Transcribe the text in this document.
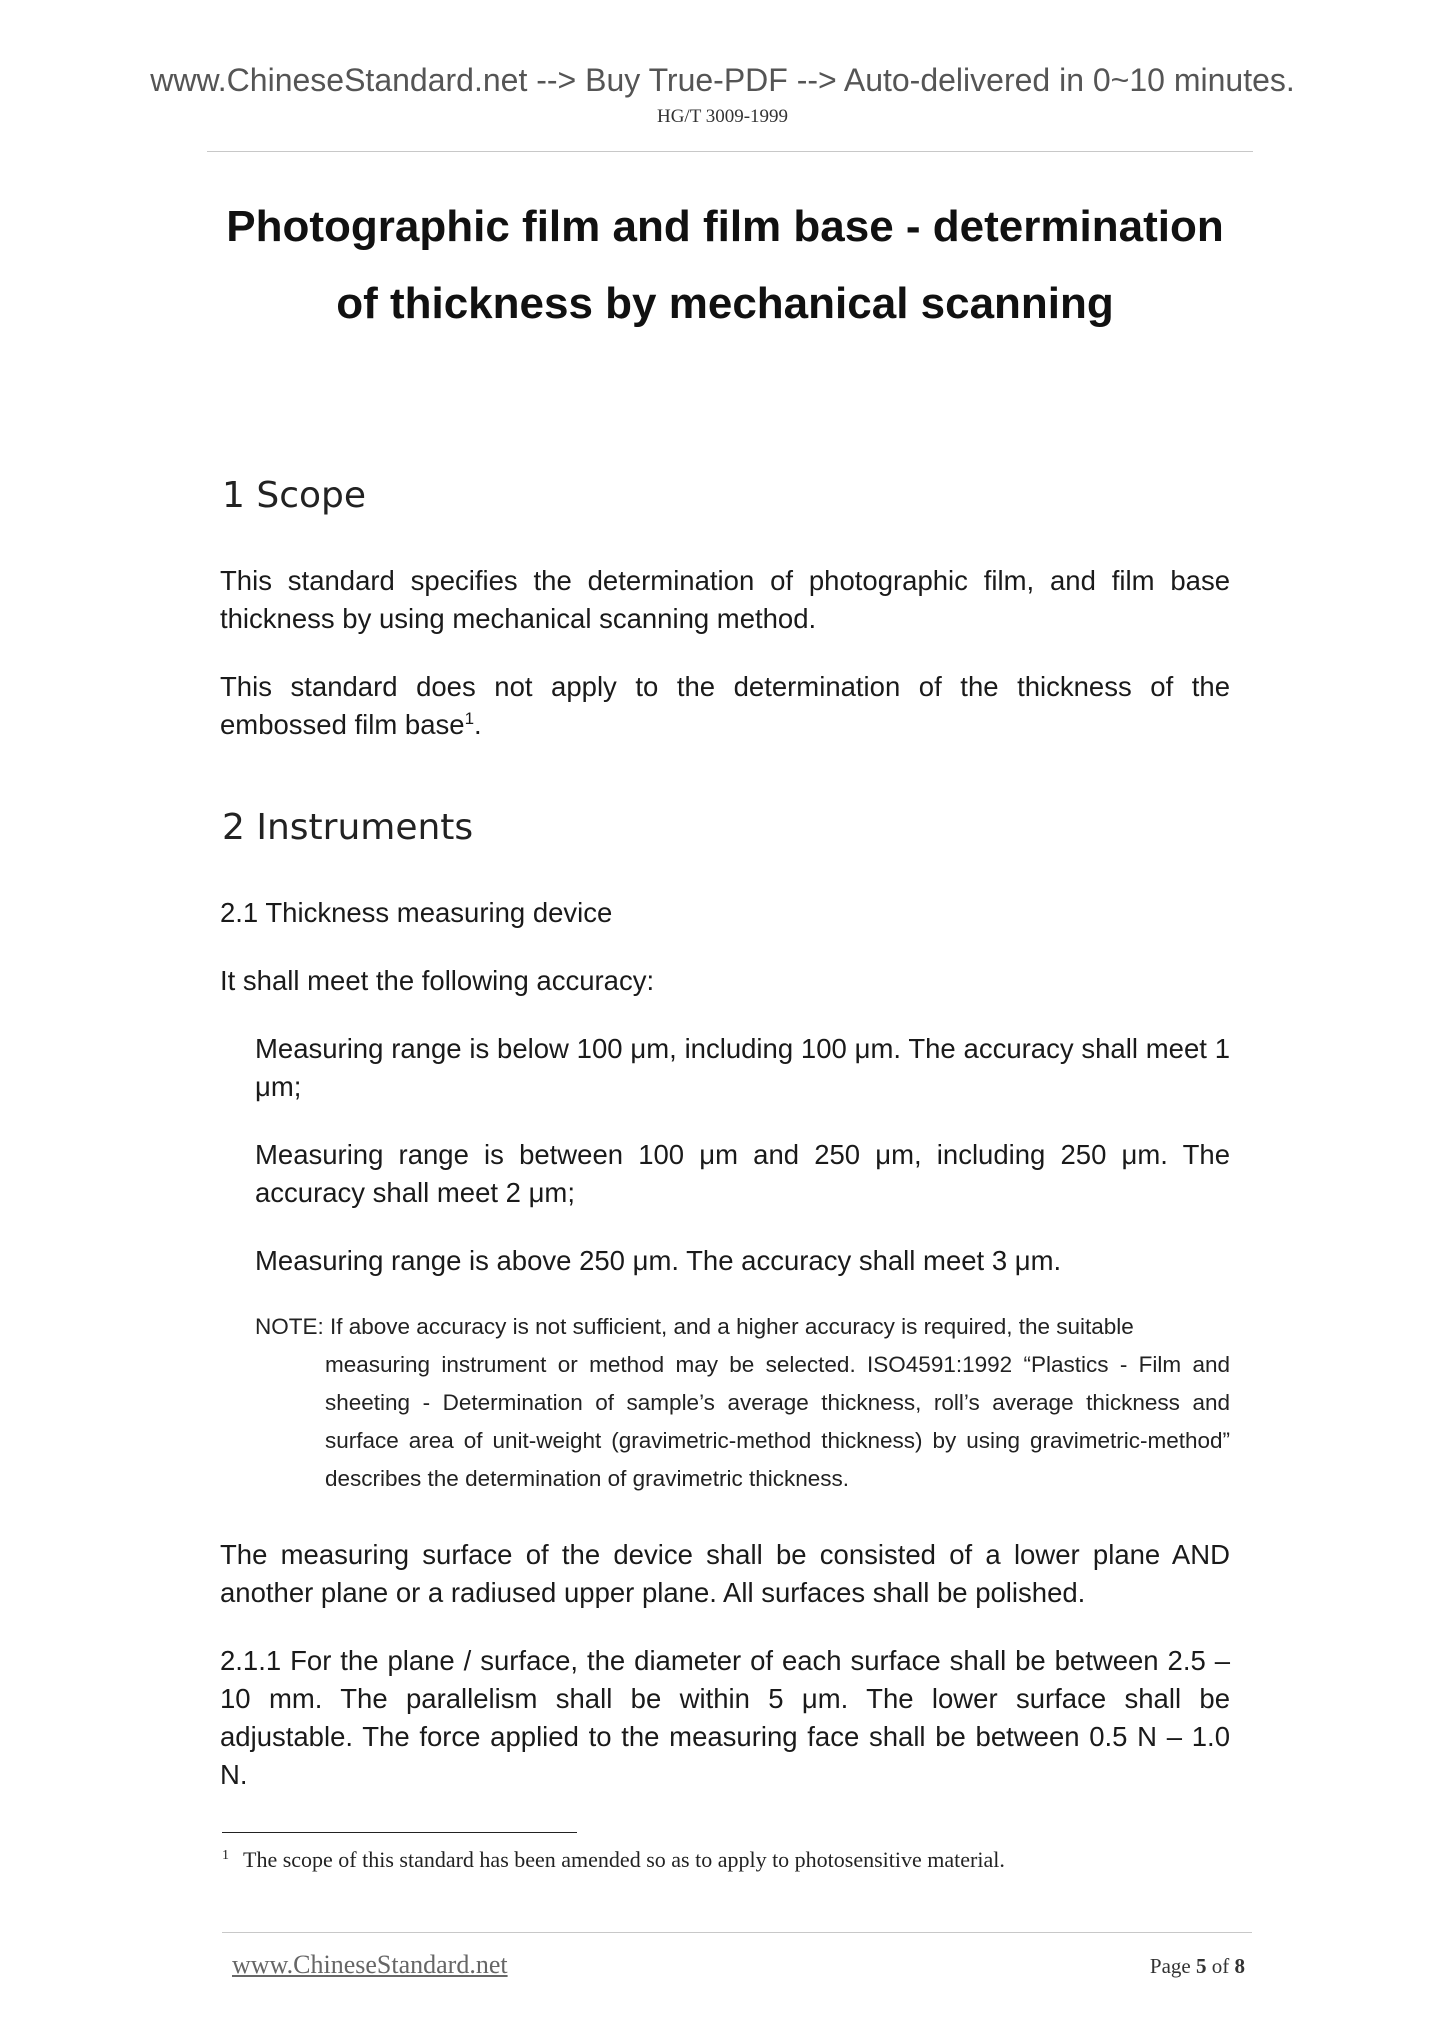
www.ChineseStandard.net --> Buy True-PDF --> Auto-delivered in 0~10 minutes.
HG/T 3009-1999
Photographic film and film base - determination
of thickness by mechanical scanning
1 Scope
This standard specifies the determination of photographic film, and film base thickness by using mechanical scanning method.
This standard does not apply to the determination of the thickness of the embossed film base$^1$.
2 Instruments
2.1 Thickness measuring device
It shall meet the following accuracy:
Measuring range is below 100 μm, including 100 μm. The accuracy shall meet 1 μm;
Measuring range is between 100 μm and 250 μm, including 250 μm. The accuracy shall meet 2 μm;
Measuring range is above 250 μm. The accuracy shall meet 3 μm.
NOTE: If above accuracy is not sufficient, and a higher accuracy is required, the suitable
measuring instrument or method may be selected. ISO4591:1992 “Plastics - Film and sheeting - Determination of sample’s average thickness, roll’s average thickness and surface area of unit-weight (gravimetric-method thickness) by using gravimetric-method” describes the determination of gravimetric thickness.
The measuring surface of the device shall be consisted of a lower plane AND another plane or a radiused upper plane. All surfaces shall be polished.
2.1.1 For the plane / surface, the diameter of each surface shall be between 2.5 – 10 mm. The parallelism shall be within 5 μm. The lower surface shall be adjustable. The force applied to the measuring face shall be between 0.5 N – 1.0 N.
$^1$ The scope of this standard has been amended so as to apply to photosensitive material.
www.ChineseStandard.net	Page 5 of 8
